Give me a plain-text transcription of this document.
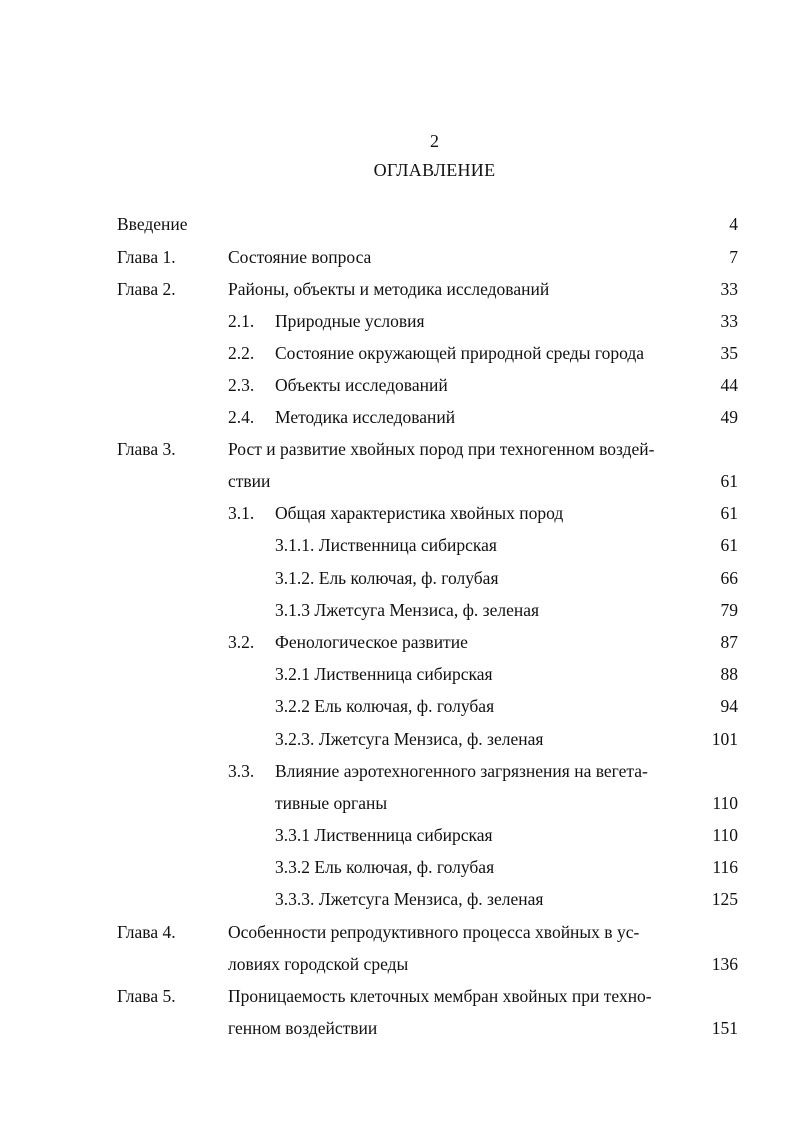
2
ОГЛАВЛЕНИЕ
Введение	4
Глава 1.	Состояние вопроса	7
Глава 2.	Районы, объекты и методика исследований	33
2.1. Природные условия	33
2.2. Состояние окружающей природной среды города	35
2.3. Объекты исследований	44
2.4. Методика исследований	49
Глава 3.	Рост и развитие хвойных пород при техногенном воздей-
ствии	61
3.1. Общая характеристика хвойных пород	61
3.1.1. Лиственница сибирская	61
3.1.2. Ель колючая, ф. голубая	66
3.1.3 Лжетсуга Мензиса, ф. зеленая	79
3.2. Фенологическое развитие	87
3.2.1 Лиственница сибирская	88
3.2.2 Ель колючая, ф. голубая	94
3.2.3. Лжетсуга Мензиса, ф. зеленая	101
3.3. Влияние аэротехногенного загрязнения на вегета-
тивные органы	110
3.3.1 Лиственница сибирская	110
3.3.2 Ель колючая, ф. голубая	116
3.3.3. Лжетсуга Мензиса, ф. зеленая	125
Глава 4.	Особенности репродуктивного процесса хвойных в ус-
ловиях городской среды	136
Глава 5.	Проницаемость клеточных мембран хвойных при техно-
генном воздействии	151
